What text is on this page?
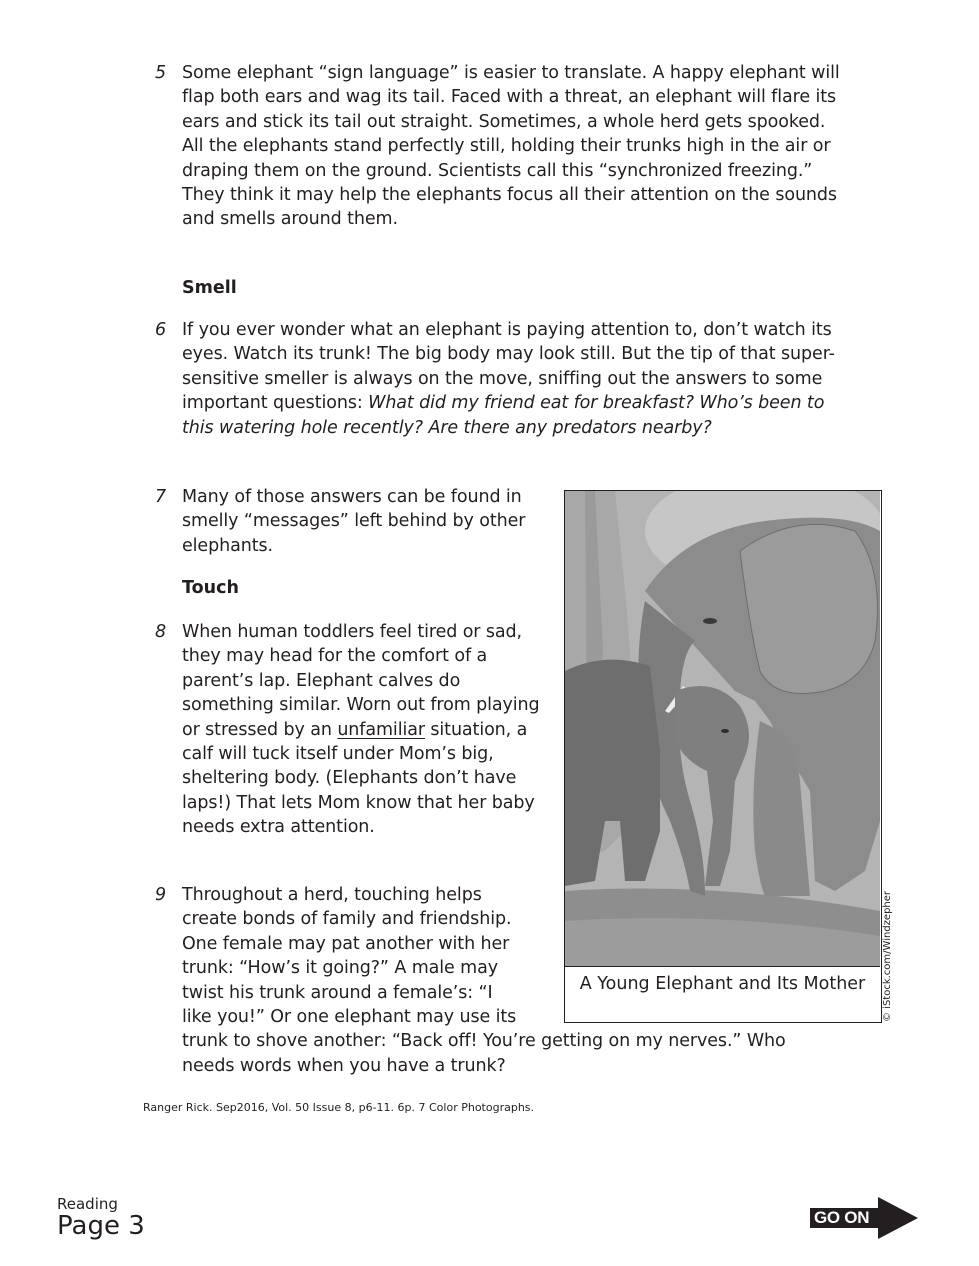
5 Some elephant “sign language” is easier to translate. A happy elephant will flap both ears and wag its tail. Faced with a threat, an elephant will flare its ears and stick its tail out straight. Sometimes, a whole herd gets spooked. All the elephants stand perfectly still, holding their trunks high in the air or draping them on the ground. Scientists call this “synchronized freezing.” They think it may help the elephants focus all their attention on the sounds and smells around them.
Smell
6 If you ever wonder what an elephant is paying attention to, don’t watch its eyes. Watch its trunk! The big body may look still. But the tip of that super-sensitive smeller is always on the move, sniffing out the answers to some important questions: What did my friend eat for breakfast? Who’s been to this watering hole recently? Are there any predators nearby?
7 Many of those answers can be found in smelly “messages” left behind by other elephants.
Touch
8 When human toddlers feel tired or sad, they may head for the comfort of a parent’s lap. Elephant calves do something similar. Worn out from playing or stressed by an unfamiliar situation, a calf will tuck itself under Mom’s big, sheltering body. (Elephants don’t have laps!) That lets Mom know that her baby needs extra attention.
9 Throughout a herd, touching helps
create bonds of family and friendship.
One female may pat another with her
trunk: “How’s it going?” A male may
twist his trunk around a female’s: “I
like you!” Or one elephant may use its
trunk to shove another: “Back off! You’re getting on my nerves.” Who
needs words when you have a trunk?
A Young Elephant and Its Mother	© iStock.com/Windzepher
Ranger Rick. Sep2016, Vol. 50 Issue 8, p6-11. 6p. 7 Color Photographs.
Reading
Page 3	GO ON
